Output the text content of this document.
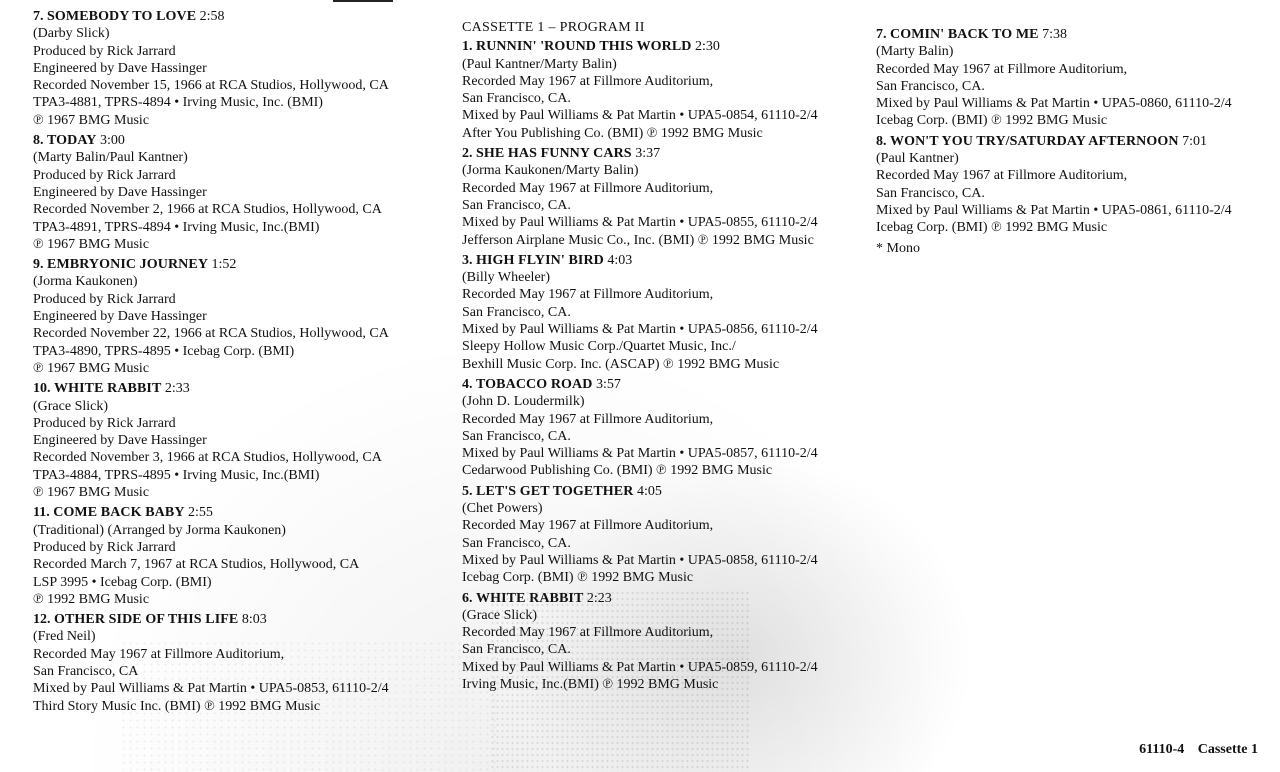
7. SOMEBODY TO LOVE 2:58
(Darby Slick)
Produced by Rick Jarrard
Engineered by Dave Hassinger
Recorded November 15, 1966 at RCA Studios, Hollywood, CA
TPA3-4881, TPRS-4894 • Irving Music, Inc. (BMI)
℗ 1967 BMG Music
8. TODAY 3:00
(Marty Balin/Paul Kantner)
Produced by Rick Jarrard
Engineered by Dave Hassinger
Recorded November 2, 1966 at RCA Studios, Hollywood, CA
TPA3-4891, TPRS-4894 • Irving Music, Inc.(BMI)
℗ 1967 BMG Music
9. EMBRYONIC JOURNEY 1:52
(Jorma Kaukonen)
Produced by Rick Jarrard
Engineered by Dave Hassinger
Recorded November 22, 1966 at RCA Studios, Hollywood, CA
TPA3-4890, TPRS-4895 • Icebag Corp. (BMI)
℗ 1967 BMG Music
10. WHITE RABBIT 2:33
(Grace Slick)
Produced by Rick Jarrard
Engineered by Dave Hassinger
Recorded November 3, 1966 at RCA Studios, Hollywood, CA
TPA3-4884, TPRS-4895 • Irving Music, Inc.(BMI)
℗ 1967 BMG Music
11. COME BACK BABY 2:55
(Traditional) (Arranged by Jorma Kaukonen)
Produced by Rick Jarrard
Recorded March 7, 1967 at RCA Studios, Hollywood, CA
LSP 3995 • Icebag Corp. (BMI)
℗ 1992 BMG Music
12. OTHER SIDE OF THIS LIFE 8:03
(Fred Neil)
Recorded May 1967 at Fillmore Auditorium,
San Francisco, CA
Mixed by Paul Williams & Pat Martin • UPA5-0853, 61110-2/4
Third Story Music Inc. (BMI) ℗ 1992 BMG Music
CASSETTE 1 – PROGRAM II
1. RUNNIN' 'ROUND THIS WORLD 2:30
(Paul Kantner/Marty Balin)
Recorded May 1967 at Fillmore Auditorium,
San Francisco, CA.
Mixed by Paul Williams & Pat Martin • UPA5-0854, 61110-2/4
After You Publishing Co. (BMI) ℗ 1992 BMG Music
2. SHE HAS FUNNY CARS 3:37
(Jorma Kaukonen/Marty Balin)
Recorded May 1967 at Fillmore Auditorium,
San Francisco, CA.
Mixed by Paul Williams & Pat Martin • UPA5-0855, 61110-2/4
Jefferson Airplane Music Co., Inc. (BMI) ℗ 1992 BMG Music
3. HIGH FLYIN' BIRD 4:03
(Billy Wheeler)
Recorded May 1967 at Fillmore Auditorium,
San Francisco, CA.
Mixed by Paul Williams & Pat Martin • UPA5-0856, 61110-2/4
Sleepy Hollow Music Corp./Quartet Music, Inc./
Bexhill Music Corp. Inc. (ASCAP) ℗ 1992 BMG Music
4. TOBACCO ROAD 3:57
(John D. Loudermilk)
Recorded May 1967 at Fillmore Auditorium,
San Francisco, CA.
Mixed by Paul Williams & Pat Martin • UPA5-0857, 61110-2/4
Cedarwood Publishing Co. (BMI) ℗ 1992 BMG Music
5. LET'S GET TOGETHER 4:05
(Chet Powers)
Recorded May 1967 at Fillmore Auditorium,
San Francisco, CA.
Mixed by Paul Williams & Pat Martin • UPA5-0858, 61110-2/4
Icebag Corp. (BMI) ℗ 1992 BMG Music
6. WHITE RABBIT 2:23
(Grace Slick)
Recorded May 1967 at Fillmore Auditorium,
San Francisco, CA.
Mixed by Paul Williams & Pat Martin • UPA5-0859, 61110-2/4
Irving Music, Inc.(BMI) ℗ 1992 BMG Music
7. COMIN' BACK TO ME 7:38
(Marty Balin)
Recorded May 1967 at Fillmore Auditorium,
San Francisco, CA.
Mixed by Paul Williams & Pat Martin • UPA5-0860, 61110-2/4
Icebag Corp. (BMI) ℗ 1992 BMG Music
8. WON'T YOU TRY/SATURDAY AFTERNOON 7:01
(Paul Kantner)
Recorded May 1967 at Fillmore Auditorium,
San Francisco, CA.
Mixed by Paul Williams & Pat Martin • UPA5-0861, 61110-2/4
Icebag Corp. (BMI) ℗ 1992 BMG Music
* Mono
61110-4 Cassette 1
